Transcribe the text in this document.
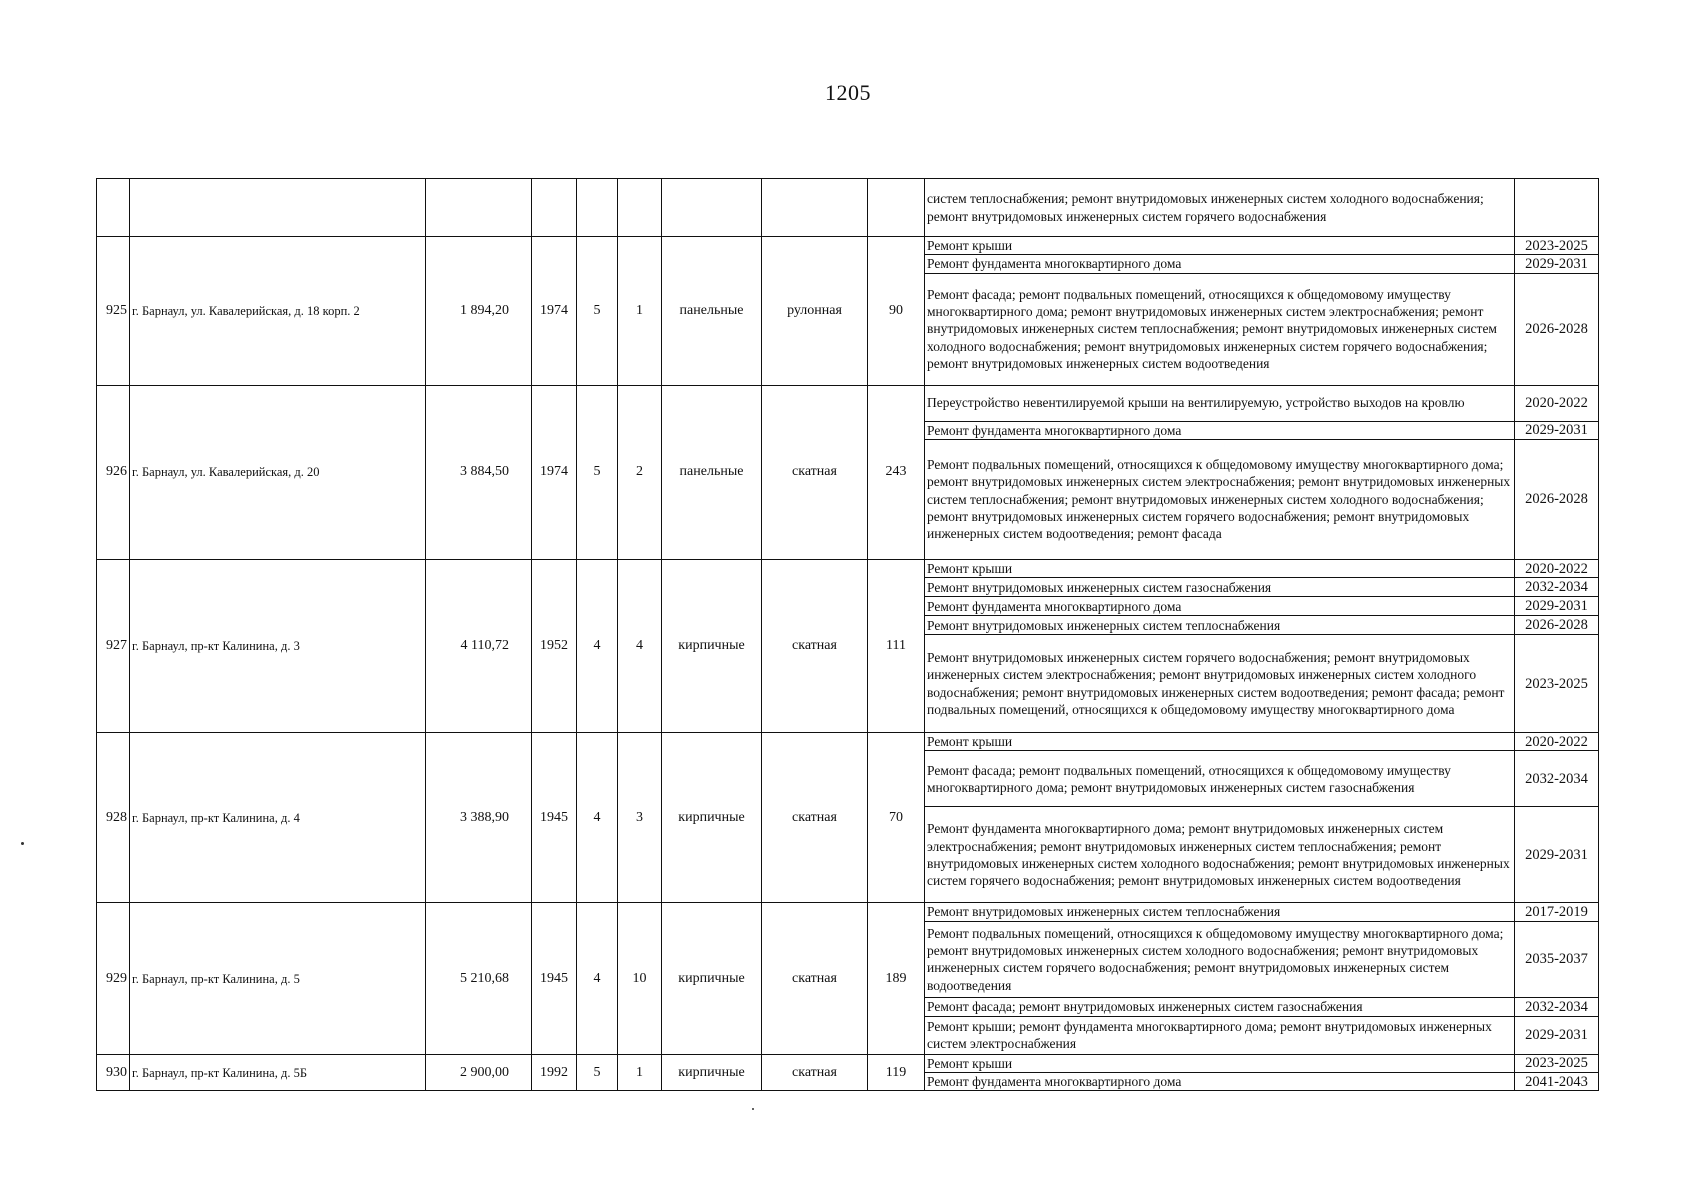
1205
									систем теплоснабжения; ремонт внутридомовых инженерных систем холодного водоснабжения; ремонт внутридомовых инженерных систем горячего водоснабжения	
925	г. Барнаул, ул. Кавалерийская, д. 18 корп. 2	1 894,20	1974	5	1	панельные	рулонная	90	Ремонт крыши	2023-2025
									Ремонт фундамента многоквартирного дома	2029-2031
									Ремонт фасада; ремонт подвальных помещений, относящихся к общедомовому имуществу многоквартирного дома; ремонт внутридомовых инженерных систем электроснабжения; ремонт внутридомовых инженерных систем теплоснабжения; ремонт внутридомовых инженерных систем холодного водоснабжения; ремонт внутридомовых инженерных систем горячего водоснабжения; ремонт внутридомовых инженерных систем водоотведения	2026-2028
926	г. Барнаул, ул. Кавалерийская, д. 20	3 884,50	1974	5	2	панельные	скатная	243	Переустройство невентилируемой крыши на вентилируемую, устройство выходов на кровлю	2020-2022
									Ремонт фундамента многоквартирного дома	2029-2031
									Ремонт подвальных помещений, относящихся к общедомовому имуществу многоквартирного дома; ремонт внутридомовых инженерных систем электроснабжения; ремонт внутридомовых инженерных систем теплоснабжения; ремонт внутридомовых инженерных систем холодного водоснабжения; ремонт внутридомовых инженерных систем горячего водоснабжения; ремонт внутридомовых инженерных систем водоотведения; ремонт фасада	2026-2028
927	г. Барнаул, пр-кт Калинина, д. 3	4 110,72	1952	4	4	кирпичные	скатная	111	Ремонт крыши	2020-2022
									Ремонт внутридомовых инженерных систем газоснабжения	2032-2034
									Ремонт фундамента многоквартирного дома	2029-2031
									Ремонт внутридомовых инженерных систем теплоснабжения	2026-2028
									Ремонт внутридомовых инженерных систем горячего водоснабжения; ремонт внутридомовых инженерных систем электроснабжения; ремонт внутридомовых инженерных систем холодного водоснабжения; ремонт внутридомовых инженерных систем водоотведения; ремонт фасада; ремонт подвальных помещений, относящихся к общедомовому имуществу многоквартирного дома	2023-2025
928	г. Барнаул, пр-кт Калинина, д. 4	3 388,90	1945	4	3	кирпичные	скатная	70	Ремонт крыши	2020-2022
									Ремонт фасада; ремонт подвальных помещений, относящихся к общедомовому имуществу многоквартирного дома; ремонт внутридомовых инженерных систем газоснабжения	2032-2034
									Ремонт фундамента многоквартирного дома; ремонт внутридомовых инженерных систем электроснабжения; ремонт внутридомовых инженерных систем теплоснабжения; ремонт внутридомовых инженерных систем холодного водоснабжения; ремонт внутридомовых инженерных систем горячего водоснабжения; ремонт внутридомовых инженерных систем водоотведения	2029-2031
929	г. Барнаул, пр-кт Калинина, д. 5	5 210,68	1945	4	10	кирпичные	скатная	189	Ремонт внутридомовых инженерных систем теплоснабжения	2017-2019
									Ремонт подвальных помещений, относящихся к общедомовому имуществу многоквартирного дома; ремонт внутридомовых инженерных систем холодного водоснабжения; ремонт внутридомовых инженерных систем горячего водоснабжения; ремонт внутридомовых инженерных систем водоотведения	2035-2037
									Ремонт фасада; ремонт внутридомовых инженерных систем газоснабжения	2032-2034
									Ремонт крыши; ремонт фундамента многоквартирного дома; ремонт внутридомовых инженерных систем электроснабжения	2029-2031
930	г. Барнаул, пр-кт Калинина, д. 5Б	2 900,00	1992	5	1	кирпичные	скатная	119	Ремонт крыши	2023-2025
									Ремонт фундамента многоквартирного дома	2041-2043
